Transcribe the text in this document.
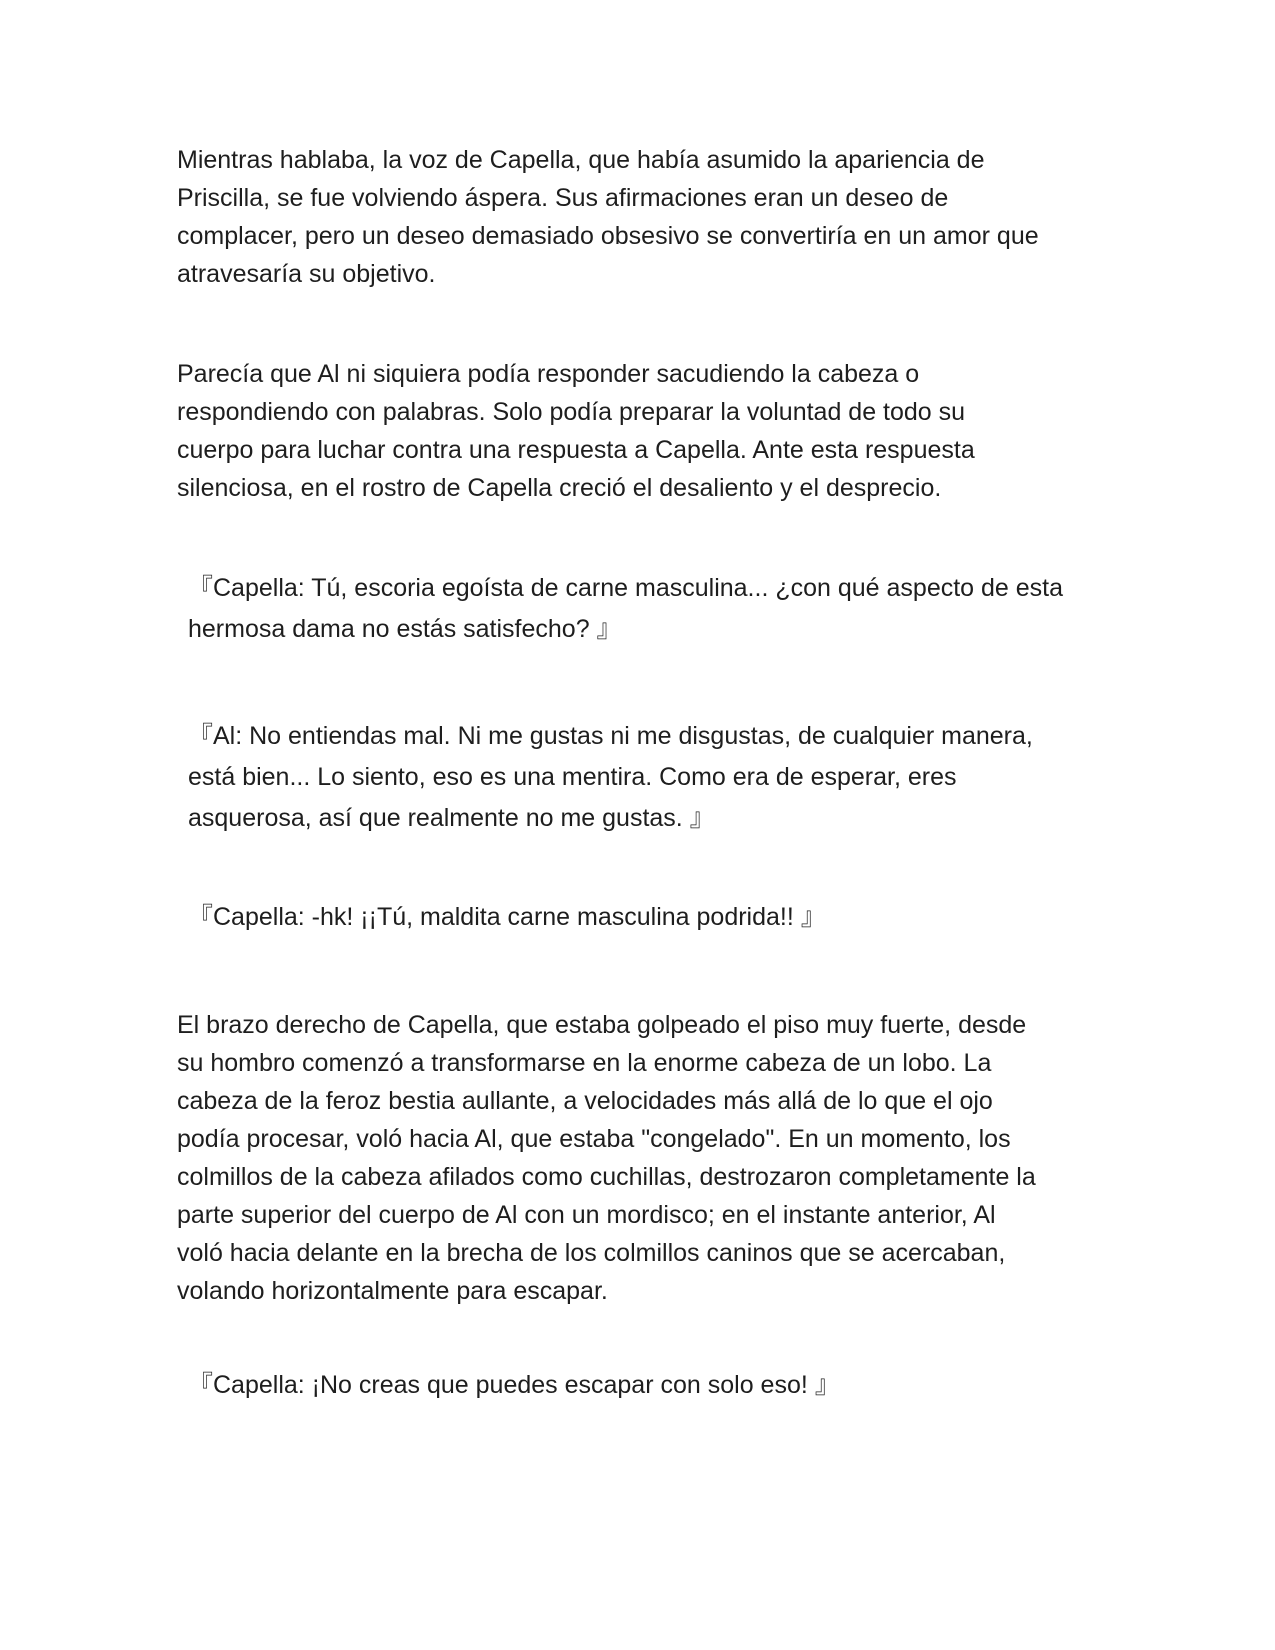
Mientras hablaba, la voz de Capella, que había asumido la apariencia de
Priscilla, se fue volviendo áspera. Sus afirmaciones eran un deseo de
complacer, pero un deseo demasiado obsesivo se convertiría en un amor que
atravesaría su objetivo.

Parecía que Al ni siquiera podía responder sacudiendo la cabeza o
respondiendo con palabras. Solo podía preparar la voluntad de todo su
cuerpo para luchar contra una respuesta a Capella. Ante esta respuesta
silenciosa, en el rostro de Capella creció el desaliento y el desprecio.

『Capella: Tú, escoria egoísta de carne masculina... ¿con qué aspecto de esta
hermosa dama no estás satisfecho? 』

『Al: No entiendas mal. Ni me gustas ni me disgustas, de cualquier manera,
está bien... Lo siento, eso es una mentira. Como era de esperar, eres
asquerosa, así que realmente no me gustas. 』

『Capella: -hk! ¡¡Tú, maldita carne masculina podrida!! 』

El brazo derecho de Capella, que estaba golpeado el piso muy fuerte, desde
su hombro comenzó a transformarse en la enorme cabeza de un lobo. La
cabeza de la feroz bestia aullante, a velocidades más allá de lo que el ojo
podía procesar, voló hacia Al, que estaba "congelado". En un momento, los
colmillos de la cabeza afilados como cuchillas, destrozaron completamente la
parte superior del cuerpo de Al con un mordisco; en el instante anterior, Al
voló hacia delante en la brecha de los colmillos caninos que se acercaban,
volando horizontalmente para escapar.

『Capella: ¡No creas que puedes escapar con solo eso! 』
